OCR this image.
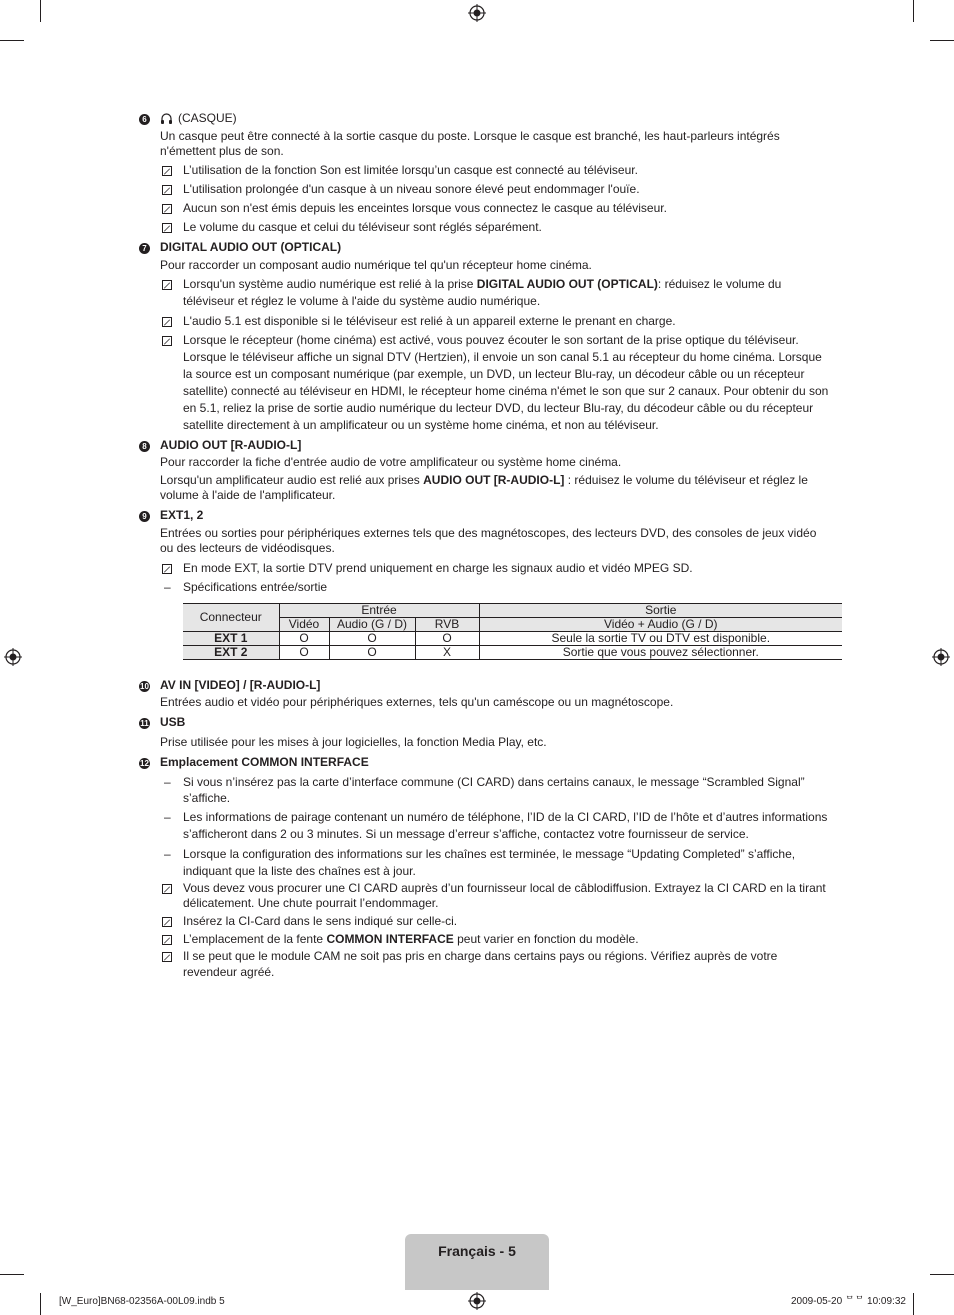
6	(CASQUE)
Un casque peut être connecté à la sortie casque du poste. Lorsque le casque est branché, les haut-parleurs intégrés
n'émettent plus de son.
L’utilisation de la fonction Son est limitée lorsqu’un casque est connecté au téléviseur.
L'utilisation prolongée d'un casque à un niveau sonore élevé peut endommager l'ouïe.
Aucun son n'est émis depuis les enceintes lorsque vous connectez le casque au téléviseur.
Le volume du casque et celui du téléviseur sont réglés séparément.
7 DIGITAL AUDIO OUT (OPTICAL)
Pour raccorder un composant audio numérique tel qu'un récepteur home cinéma.
Lorsqu'un système audio numérique est relié à la prise DIGITAL AUDIO OUT (OPTICAL): réduisez le volume du
téléviseur et réglez le volume à l'aide du système audio numérique.
L'audio 5.1 est disponible si le téléviseur est relié à un appareil externe le prenant en charge.
Lorsque le récepteur (home cinéma) est activé, vous pouvez écouter le son sortant de la prise optique du téléviseur.
Lorsque le téléviseur affiche un signal DTV (Hertzien), il envoie un son canal 5.1 au récepteur du home cinéma. Lorsque
la source est un composant numérique (par exemple, un DVD, un lecteur Blu-ray, un décodeur câble ou un récepteur
satellite) connecté au téléviseur en HDMI, le récepteur home cinéma n'émet le son que sur 2 canaux. Pour obtenir du son
en 5.1, reliez la prise de sortie audio numérique du lecteur DVD, du lecteur Blu-ray, du décodeur câble ou du récepteur
satellite directement à un amplificateur ou un système home cinéma, et non au téléviseur.
8 AUDIO OUT [R-AUDIO-L]
Pour raccorder la fiche d'entrée audio de votre amplificateur ou système home cinéma.
Lorsqu'un amplificateur audio est relié aux prises AUDIO OUT [R-AUDIO-L] : réduisez le volume du téléviseur et réglez le
volume à l'aide de l'amplificateur.
9 EXT1, 2
Entrées ou sorties pour périphériques externes tels que des magnétoscopes, des lecteurs DVD, des consoles de jeux vidéo
ou des lecteurs de vidéodisques.
En mode EXT, la sortie DTV prend uniquement en charge les signaux audio et vidéo MPEG SD.
– Spécifications entrée/sortie
Connecteur	Entrée			Sortie
	Vidéo	Audio (G / D)	RVB	Vidéo + Audio (G / D)
EXT 1	O	O	O	Seule la sortie TV ou DTV est disponible.
EXT 2	O	O	X	Sortie que vous pouvez sélectionner.
10 AV IN [VIDEO] / [R-AUDIO-L]
Entrées audio et vidéo pour périphériques externes, tels qu'un caméscope ou un magnétoscope.
11 USB
Prise utilisée pour les mises à jour logicielles, la fonction Media Play, etc.
12 Emplacement COMMON INTERFACE
– Si vous n’insérez pas la carte d’interface commune (CI CARD) dans certains canaux, le message “Scrambled Signal”
s’affiche.
– Les informations de pairage contenant un numéro de téléphone, l’ID de la CI CARD, l’ID de l’hôte et d’autres informations
s’afficheront dans 2 ou 3 minutes. Si un message d’erreur s’affiche, contactez votre fournisseur de service.
– Lorsque la configuration des informations sur les chaînes est terminée, le message “Updating Completed” s’affiche,
indiquant que la liste des chaînes est à jour.
Vous devez vous procurer une CI CARD auprès d’un fournisseur local de câblodiffusion. Extrayez la CI CARD en la tirant
délicatement. Une chute pourrait l’endommager.
Insérez la CI-Card dans le sens indiqué sur celle-ci.
L’emplacement de la fente COMMON INTERFACE peut varier en fonction du modèle.
Il se peut que le module CAM ne soit pas pris en charge dans certains pays ou régions. Vérifiez auprès de votre
revendeur agréé.
Français - 5
[W_Euro]BN68-02356A-00L09.indb 5	2009-05-20 ᄆᄆ 10:09:32
